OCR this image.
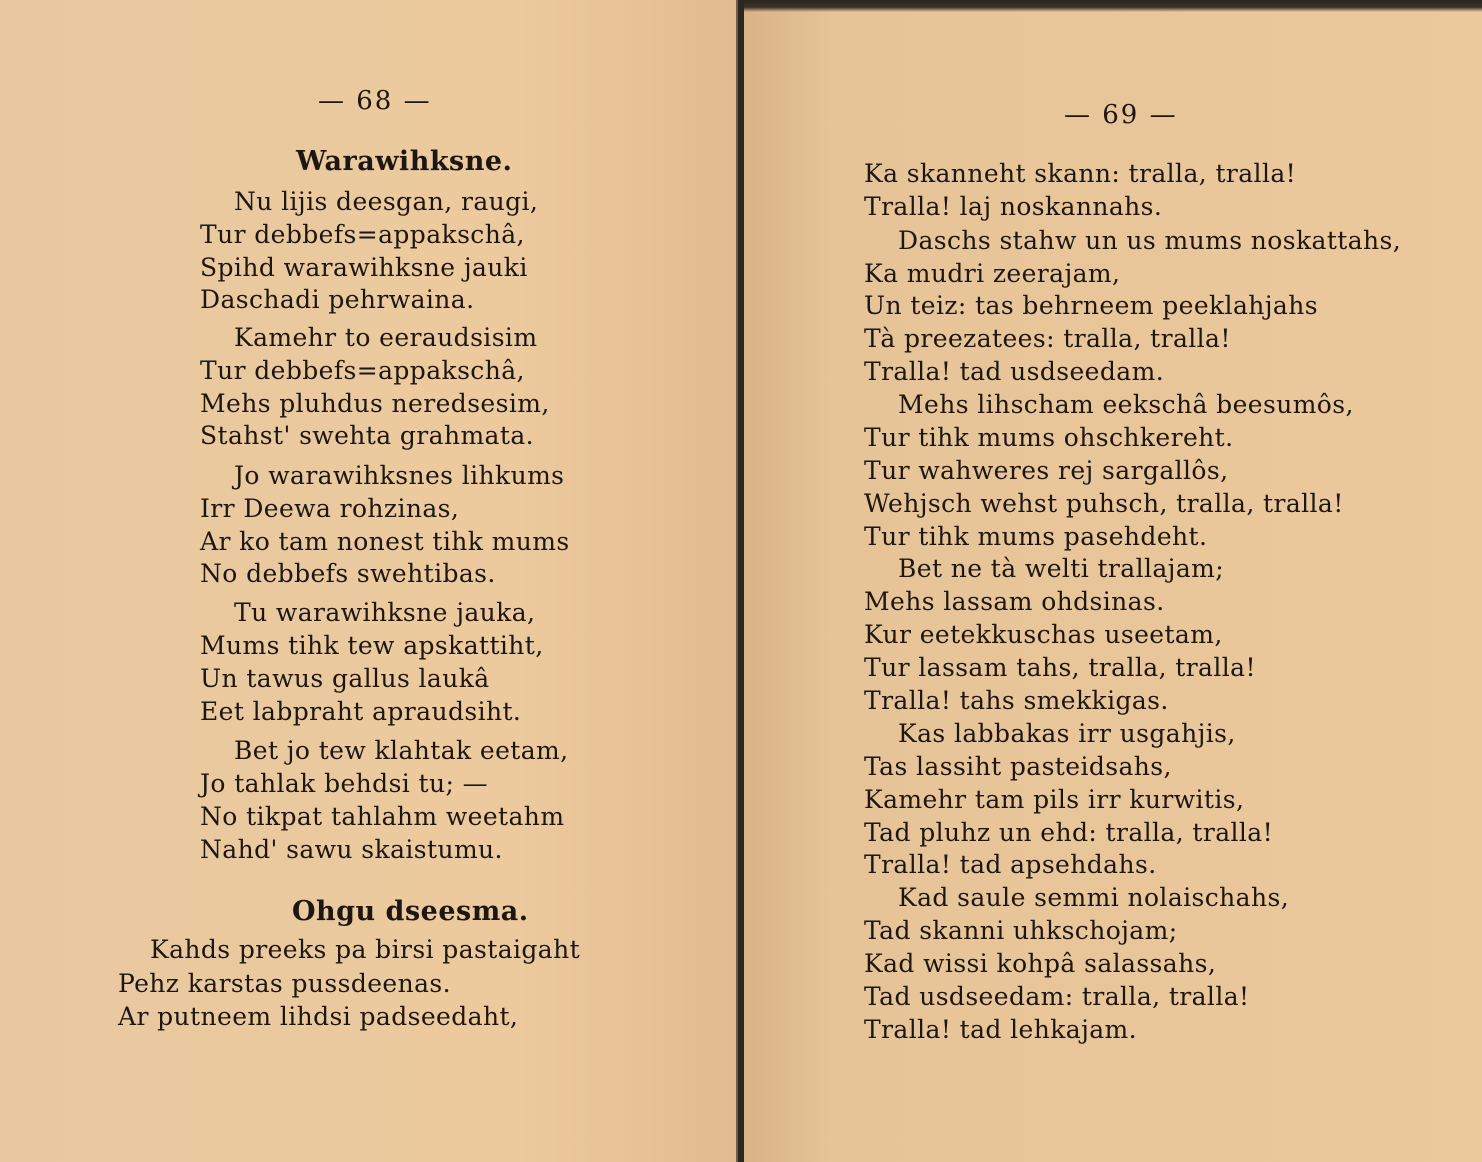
— 68 —
Warawihksne.
Nu lijis deesgan, raugi,
Tur debbefs=appakschâ,
Spihd warawihksne jauki
Daschadi pehrwaina.
Kamehr to eeraudsisim
Tur debbefs=appakschâ,
Mehs pluhdus neredsesim,
Stahst' swehta grahmata.
Jo warawihksnes lihkums
Irr Deewa rohzinas,
Ar ko tam nonest tihk mums
No debbefs swehtibas.
Tu warawihksne jauka,
Mums tihk tew apskattiht,
Un tawus gallus laukâ
Eet labpraht apraudsiht.
Bet jo tew klahtak eetam,
Jo tahlak behdsi tu; —
No tikpat tahlahm weetahm
Nahd' sawu skaistumu.
Ohgu dseesma.
Kahds preeks pa birsi pastaigaht
Pehz karstas pussdeenas.
Ar putneem lihdsi padseedaht,
— 69 —
Ka skanneht skann: tralla, tralla!
Tralla! laj noskannahs.
Daschs stahw un us mums noskattahs,
Ka mudri zeerajam,
Un teiz: tas behrneem peeklahjahs
Tà preezatees: tralla, tralla!
Tralla! tad usdseedam.
Mehs lihscham eekschâ beesumôs,
Tur tihk mums ohschkereht.
Tur wahweres rej sargallôs,
Wehjsch wehst puhsch, tralla, tralla!
Tur tihk mums pasehdeht.
Bet ne tà welti trallajam;
Mehs lassam ohdsinas.
Kur eetekkuschas useetam,
Tur lassam tahs, tralla, tralla!
Tralla! tahs smekkigas.
Kas labbakas irr usgahjis,
Tas lassiht pasteidsahs,
Kamehr tam pils irr kurwitis,
Tad pluhz un ehd: tralla, tralla!
Tralla! tad apsehdahs.
Kad saule semmi nolaischahs,
Tad skanni uhkschojam;
Kad wissi kohpâ salassahs,
Tad usdseedam: tralla, tralla!
Tralla! tad lehkajam.
